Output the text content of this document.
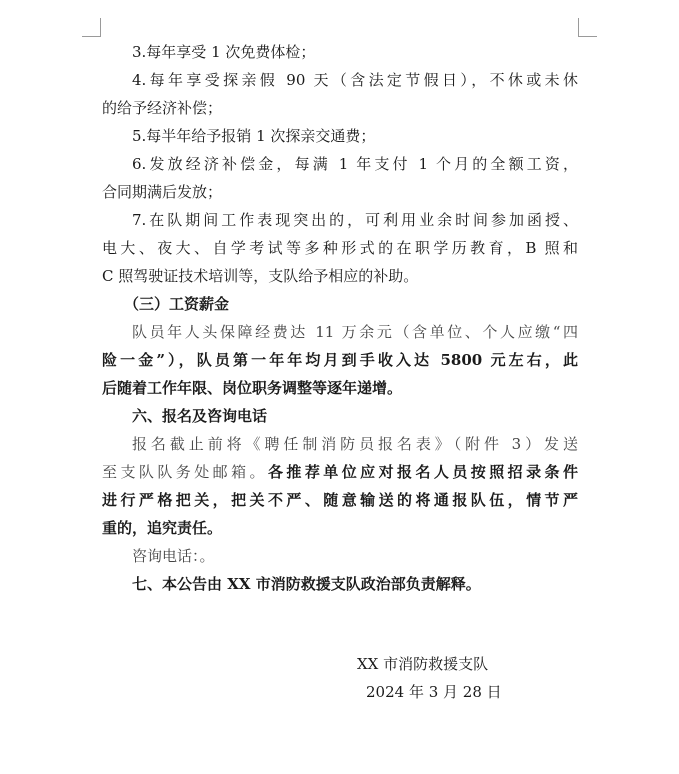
3.每年享受 1 次免费体检；
4.每年享受探亲假 90 天（含法定节假日），不休或未休
的给予经济补偿；
5.每半年给予报销 1 次探亲交通费；
6.发放经济补偿金，每满 1 年支付 1 个月的全额工资，
合同期满后发放；
7.在队期间工作表现突出的，可利用业余时间参加函授、
电大、夜大、自学考试等多种形式的在职学历教育，B 照和
C 照驾驶证技术培训等，支队给予相应的补助。
（三）工资薪金
队员年人头保障经费达 11 万余元（含单位、个人应缴“四
险一金”），队员第一年年均月到手收入达 5800 元左右，此
后随着工作年限、岗位职务调整等逐年递增。
六、报名及咨询电话
报名截止前将《聘任制消防员报名表》（附件 3）发送
至支队队务处邮箱。各推荐单位应对报名人员按照招录条件
进行严格把关，把关不严、随意输送的将通报队伍，情节严
重的，追究责任。
咨询电话：。
七、本公告由 XX 市消防救援支队政治部负责解释。
XX 市消防救援支队
2024 年 3 月 28 日
